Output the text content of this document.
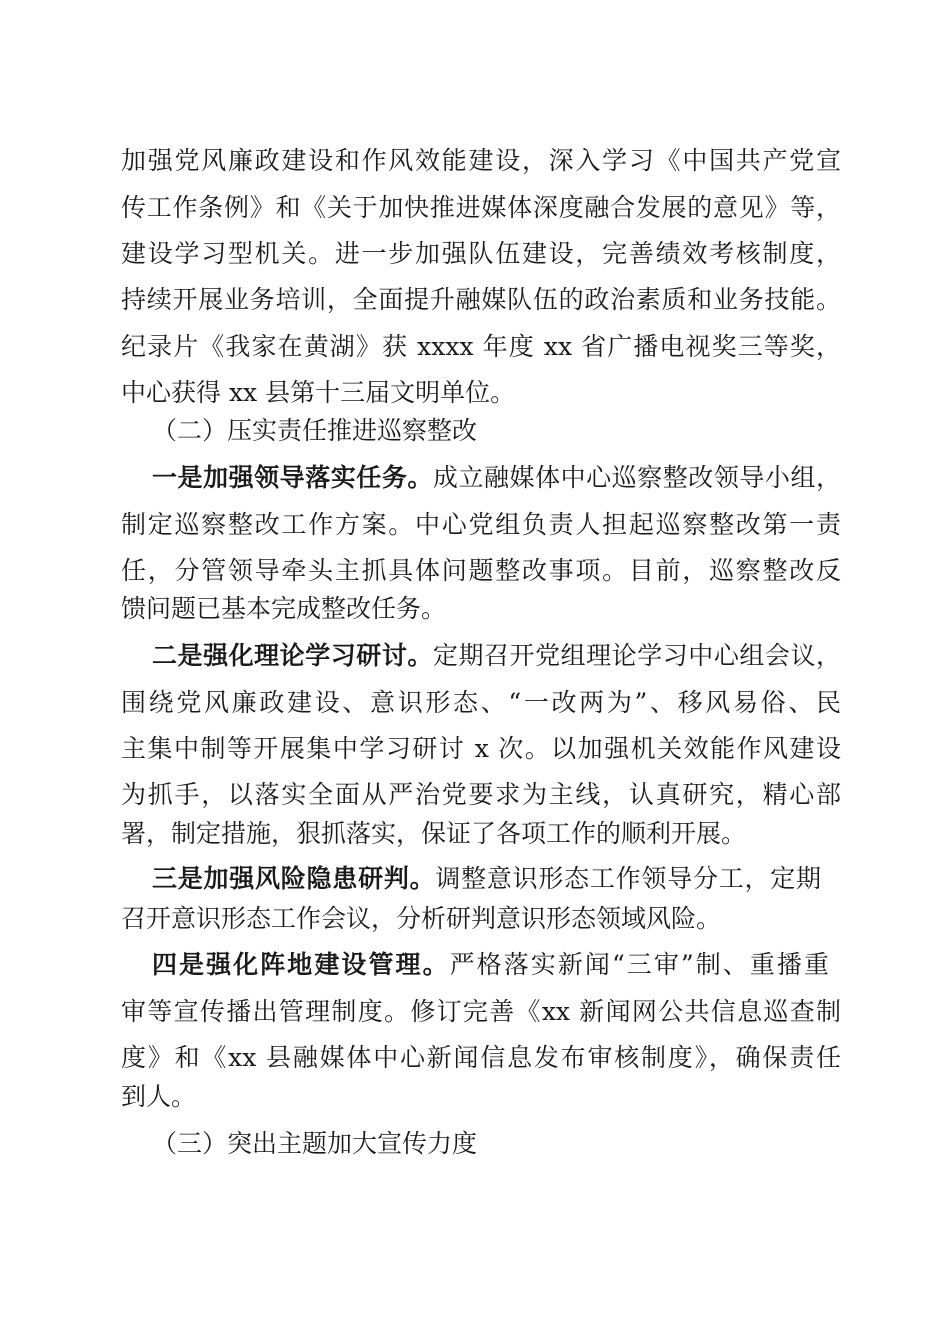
加强党风廉政建设和作风效能建设，深入学习《中国共产党宣
传工作条例》和《关于加快推进媒体深度融合发展的意见》等，
建设学习型机关。进一步加强队伍建设，完善绩效考核制度，
持续开展业务培训，全面提升融媒队伍的政治素质和业务技能。
纪录片《我家在黄湖》获 xxxx 年度 xx 省广播电视奖三等奖，
中心获得 xx 县第十三届文明单位。
（二）压实责任推进巡察整改
一是加强领导落实任务。成立融媒体中心巡察整改领导小组，
制定巡察整改工作方案。中心党组负责人担起巡察整改第一责
任，分管领导牵头主抓具体问题整改事项。目前，巡察整改反
馈问题已基本完成整改任务。
二是强化理论学习研讨。定期召开党组理论学习中心组会议，
围绕党风廉政建设、意识形态、“一改两为”、移风易俗、民
主集中制等开展集中学习研讨 x 次。以加强机关效能作风建设
为抓手，以落实全面从严治党要求为主线，认真研究，精心部
署，制定措施，狠抓落实，保证了各项工作的顺利开展。
三是加强风险隐患研判。调整意识形态工作领导分工，定期
召开意识形态工作会议，分析研判意识形态领域风险。
四是强化阵地建设管理。严格落实新闻“三审”制、重播重
审等宣传播出管理制度。修订完善《xx 新闻网公共信息巡查制
度》和《xx 县融媒体中心新闻信息发布审核制度》，确保责任
到人。
（三）突出主题加大宣传力度
